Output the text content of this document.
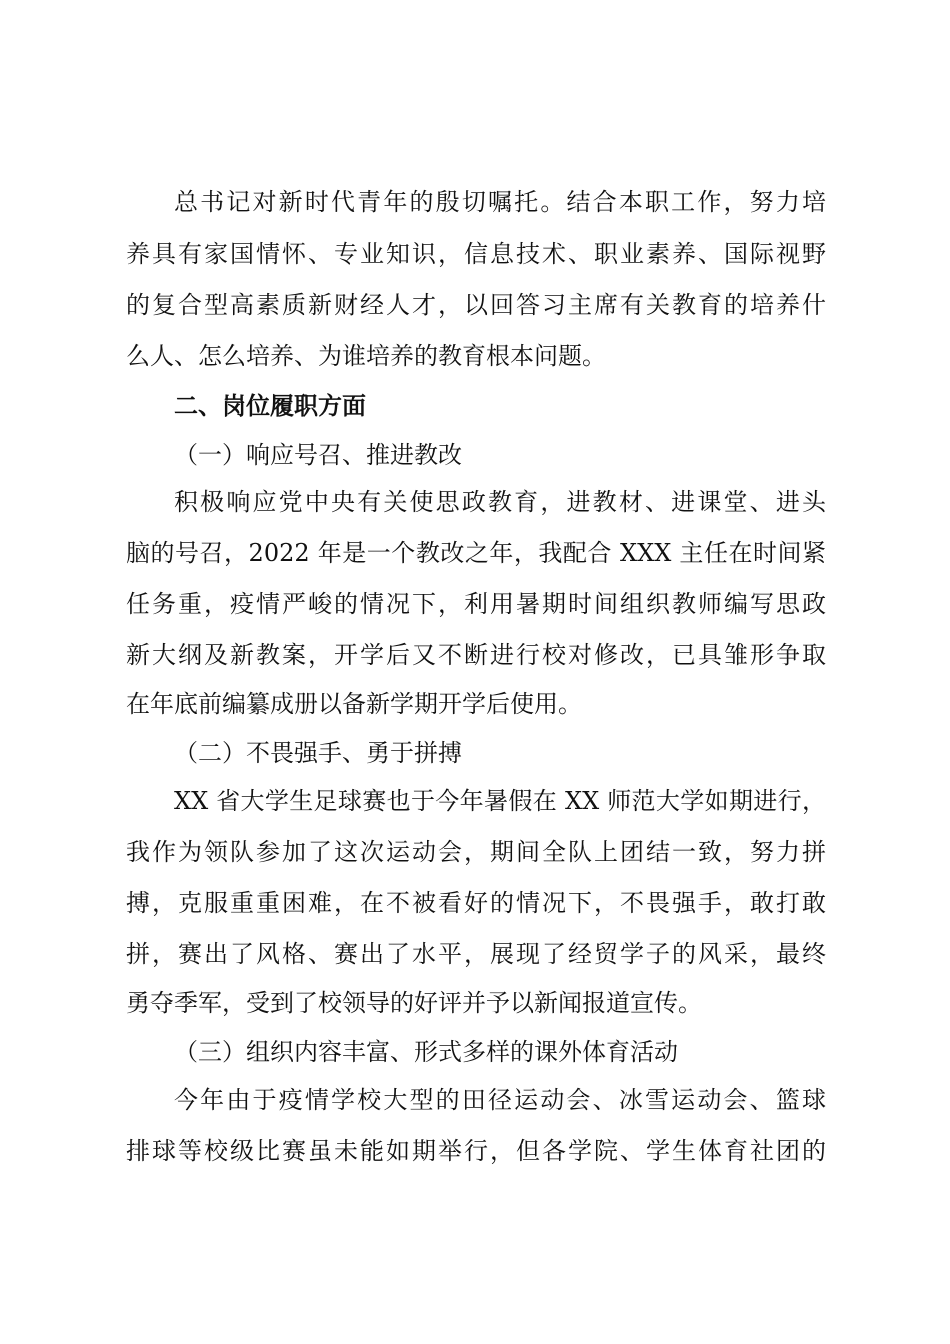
总书记对新时代青年的殷切嘱托。结合本职工作，努力培
养具有家国情怀、专业知识，信息技术、职业素养、国际视野
的复合型高素质新财经人才，以回答习主席有关教育的培养什
么人、怎么培养、为谁培养的教育根本问题。
二、岗位履职方面
（一）响应号召、推进教改
积极响应党中央有关使思政教育，进教材、进课堂、进头
脑的号召，2022 年是一个教改之年，我配合 XXX 主任在时间紧
任务重，疫情严峻的情况下，利用暑期时间组织教师编写思政
新大纲及新教案，开学后又不断进行校对修改，已具雏形争取
在年底前编纂成册以备新学期开学后使用。
（二）不畏强手、勇于拼搏
XX 省大学生足球赛也于今年暑假在 XX 师范大学如期进行，
我作为领队参加了这次运动会，期间全队上团结一致，努力拼
搏，克服重重困难，在不被看好的情况下，不畏强手，敢打敢
拼，赛出了风格、赛出了水平，展现了经贸学子的风采，最终
勇夺季军，受到了校领导的好评并予以新闻报道宣传。
（三）组织内容丰富、形式多样的课外体育活动
今年由于疫情学校大型的田径运动会、冰雪运动会、篮球
排球等校级比赛虽未能如期举行，但各学院、学生体育社团的
